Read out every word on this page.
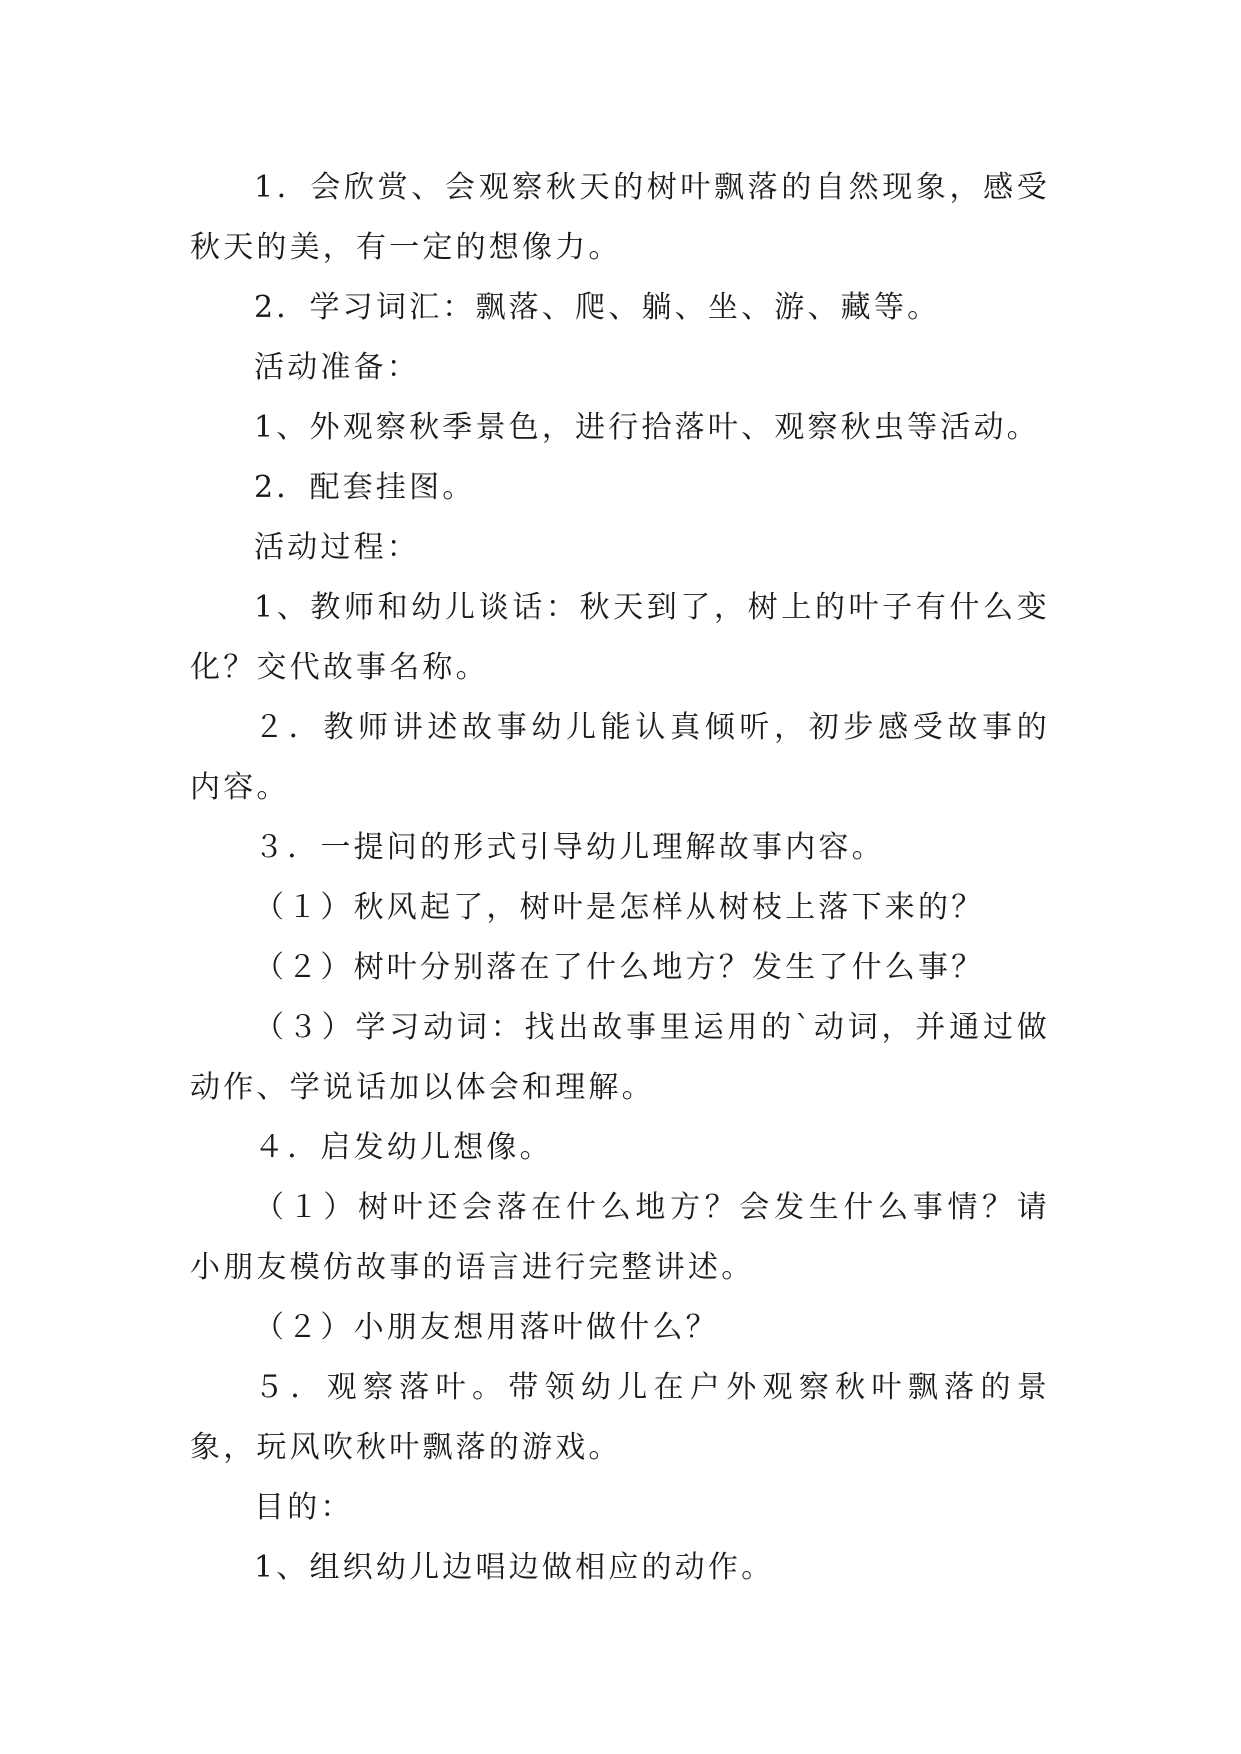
1．会欣赏、会观察秋天的树叶飘落的自然现象，感受秋天的美，有一定的想像力。

2．学习词汇：飘落、爬、躺、坐、游、藏等。

活动准备：

1、外观察秋季景色，进行拾落叶、观察秋虫等活动。

2．配套挂图。

活动过程：

1、教师和幼儿谈话：秋天到了，树上的叶子有什么变化？交代故事名称。

２．教师讲述故事幼儿能认真倾听，初步感受故事的内容。

３．一提问的形式引导幼儿理解故事内容。

（１）秋风起了，树叶是怎样从树枝上落下来的？

（２）树叶分别落在了什么地方？发生了什么事？

（３）学习动词：找出故事里运用的`动词，并通过做动作、学说话加以体会和理解。

４．启发幼儿想像。

（１）树叶还会落在什么地方？会发生什么事情？请小朋友模仿故事的语言进行完整讲述。

（２）小朋友想用落叶做什么？

５．观察落叶。带领幼儿在户外观察秋叶飘落的景象，玩风吹秋叶飘落的游戏。

目的：

1、组织幼儿边唱边做相应的动作。
